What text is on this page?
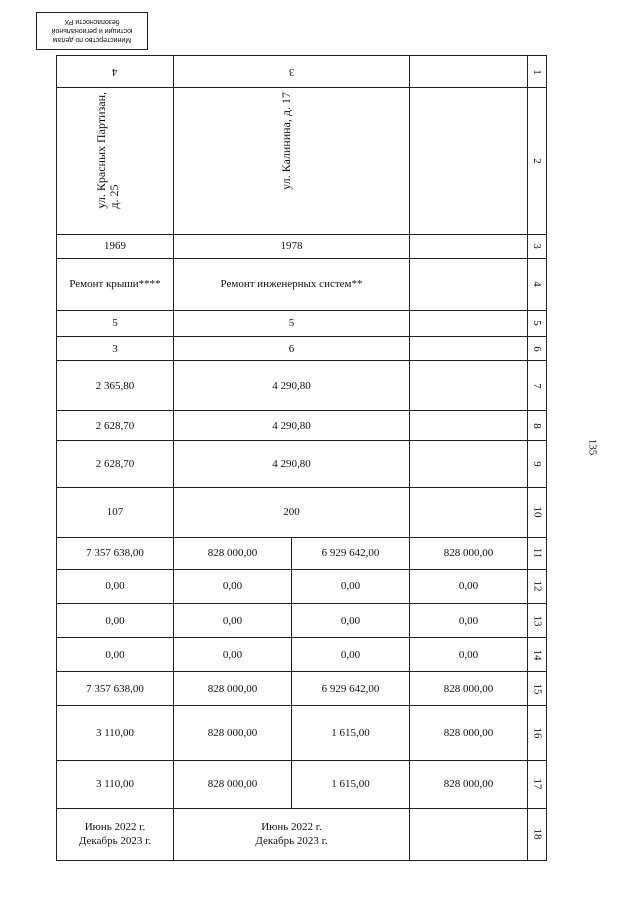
Министерство по делам
юстиции и региональной
безопасности РХ
135
4	3			1

ул. Красных Партизан,
д. 25	ул. Калинина, д. 17			2
1969	1978			3
Ремонт крыши****	Ремонт инженерных систем**			4
5	5			5
3	6			6
2 365,80	4 290,80			7
2 628,70	4 290,80			8
2 628,70	4 290,80			9
107	200			10
7 357 638,00	828 000,00	6 929 642,00	828 000,00	11
0,00	0,00	0,00	0,00	12
0,00	0,00	0,00	0,00	13
0,00	0,00	0,00	0,00	14
7 357 638,00	828 000,00	6 929 642,00	828 000,00	15
3 110,00	828 000,00	1 615,00	828 000,00	16
3 110,00	828 000,00	1 615,00	828 000,00	17
Июнь 2022 г.
Декабрь 2023 г.	Июнь 2022 г.
Декабрь 2023 г.			18
